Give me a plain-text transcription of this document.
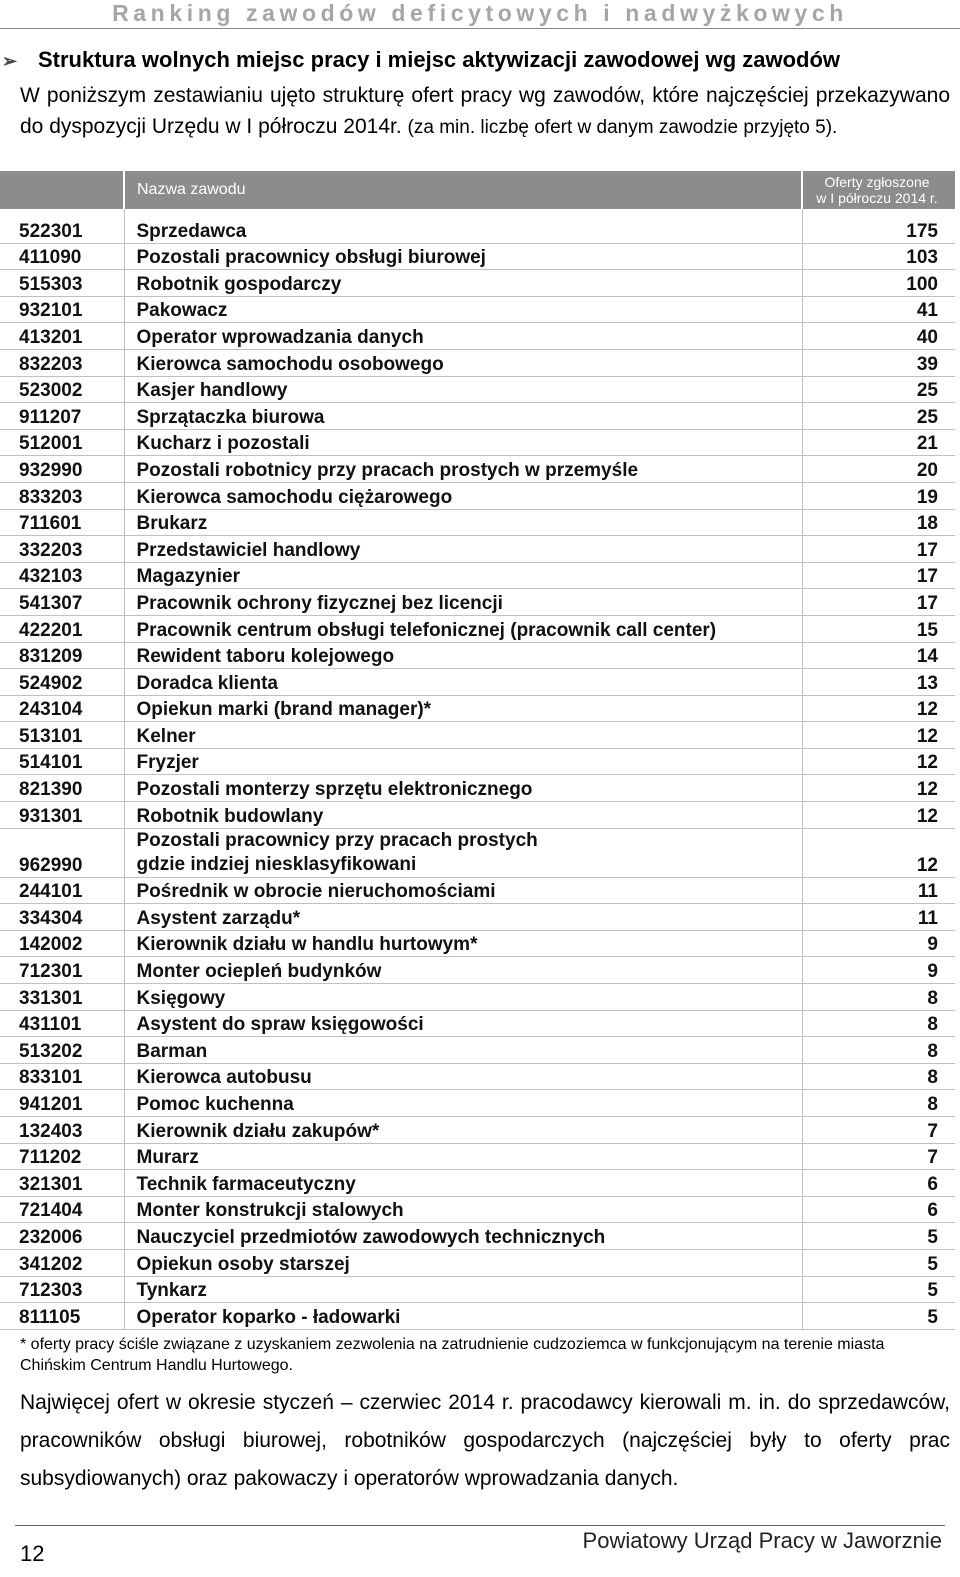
Ranking zawodów deficytowych i nadwyżkowych
➢ Struktura wolnych miejsc pracy i miejsc aktywizacji zawodowej wg zawodów
W poniższym zestawianiu ujęto strukturę ofert pracy wg zawodów, które najczęściej przekazywano do dyspozycji Urzędu w I półroczu 2014r. (za min. liczbę ofert w danym zawodzie przyjęto 5).
	Nazwa zawodu	Oferty zgłoszone
w I półroczu 2014 r.
522301	Sprzedawca	175
411090	Pozostali pracownicy obsługi biurowej	103
515303	Robotnik gospodarczy	100
932101	Pakowacz	41
413201	Operator wprowadzania danych	40
832203	Kierowca samochodu osobowego	39
523002	Kasjer handlowy	25
911207	Sprzątaczka biurowa	25
512001	Kucharz i pozostali	21
932990	Pozostali robotnicy przy pracach prostych w przemyśle	20
833203	Kierowca samochodu ciężarowego	19
711601	Brukarz	18
332203	Przedstawiciel handlowy	17
432103	Magazynier	17
541307	Pracownik ochrony fizycznej bez licencji	17
422201	Pracownik centrum obsługi telefonicznej (pracownik call center)	15
831209	Rewident taboru kolejowego	14
524902	Doradca klienta	13
243104	Opiekun marki (brand manager)*	12
513101	Kelner	12
514101	Fryzjer	12
821390	Pozostali monterzy sprzętu elektronicznego	12
931301	Robotnik budowlany	12
962990	Pozostali pracownicy przy pracach prostych gdzie indziej niesklasyfikowani	12
244101	Pośrednik w obrocie nieruchomościami	11
334304	Asystent zarządu*	11
142002	Kierownik działu w handlu hurtowym*	9
712301	Monter ociepleń budynków	9
331301	Księgowy	8
431101	Asystent do spraw księgowości	8
513202	Barman	8
833101	Kierowca autobusu	8
941201	Pomoc kuchenna	8
132403	Kierownik działu zakupów*	7
711202	Murarz	7
321301	Technik farmaceutyczny	6
721404	Monter konstrukcji stalowych	6
232006	Nauczyciel przedmiotów zawodowych technicznych	5
341202	Opiekun osoby starszej	5
712303	Tynkarz	5
811105	Operator koparko - ładowarki	5
* oferty pracy ściśle związane z uzyskaniem zezwolenia na zatrudnienie cudzoziemca w funkcjonującym na terenie miasta Chińskim Centrum Handlu Hurtowego.
Najwięcej ofert w okresie styczeń – czerwiec 2014 r. pracodawcy kierowali m. in. do sprzedawców, pracowników obsługi biurowej, robotników gospodarczych (najczęściej były to oferty prac subsydiowanych) oraz pakowaczy i operatorów wprowadzania danych.
12
Powiatowy Urząd Pracy w Jaworznie
